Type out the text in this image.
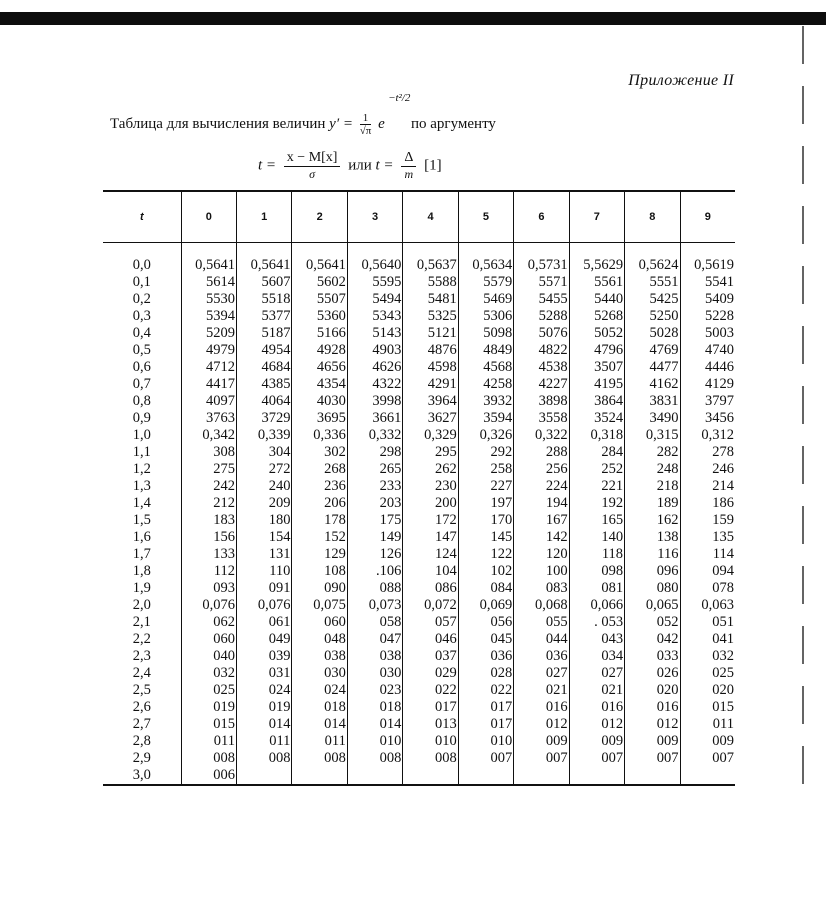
Приложение II
Таблица для вычисления величин $y' = \frac{1}{√\pi}$ e
−t²/2
по аргументу
$t = \frac{x - M[x]}{\sigma}$ или $t = \frac{\Delta}{m} [1]$
t	0	1	2	3	4	5	6	7	8	9

0,0	0,5641	0,5641	0,5641	0,5640	0,5637	0,5634	0,5731	5,5629	0,5624	0,5619
0,1	5614	5607	5602	5595	5588	5579	5571	5561	5551	5541
0,2	5530	5518	5507	5494	5481	5469	5455	5440	5425	5409
0,3	5394	5377	5360	5343	5325	5306	5288	5268	5250	5228
0,4	5209	5187	5166	5143	5121	5098	5076	5052	5028	5003
0,5	4979	4954	4928	4903	4876	4849	4822	4796	4769	4740
0,6	4712	4684	4656	4626	4598	4568	4538	3507	4477	4446
0,7	4417	4385	4354	4322	4291	4258	4227	4195	4162	4129
0,8	4097	4064	4030	3998	3964	3932	3898	3864	3831	3797
0,9	3763	3729	3695	3661	3627	3594	3558	3524	3490	3456
1,0	0,342	0,339	0,336	0,332	0,329	0,326	0,322	0,318	0,315	0,312
1,1	308	304	302	298	295	292	288	284	282	278
1,2	275	272	268	265	262	258	256	252	248	246
1,3	242	240	236	233	230	227	224	221	218	214
1,4	212	209	206	203	200	197	194	192	189	186
1,5	183	180	178	175	172	170	167	165	162	159
1,6	156	154	152	149	147	145	142	140	138	135
1,7	133	131	129	126	124	122	120	118	116	114
1,8	112	110	108	.106	104	102	100	098	096	094
1,9	093	091	090	088	086	084	083	081	080	078
2,0	0,076	0,076	0,075	0,073	0,072	0,069	0,068	0,066	0,065	0,063
2,1	062	061	060	058	057	056	055	. 053	052	051
2,2	060	049	048	047	046	045	044	043	042	041
2,3	040	039	038	038	037	036	036	034	033	032
2,4	032	031	030	030	029	028	027	027	026	025
2,5	025	024	024	023	022	022	021	021	020	020
2,6	019	019	018	018	017	017	016	016	016	015
2,7	015	014	014	014	013	017	012	012	012	011
2,8	011	011	011	010	010	010	009	009	009	009
2,9	008	008	008	008	008	007	007	007	007	007
3,0	006									
